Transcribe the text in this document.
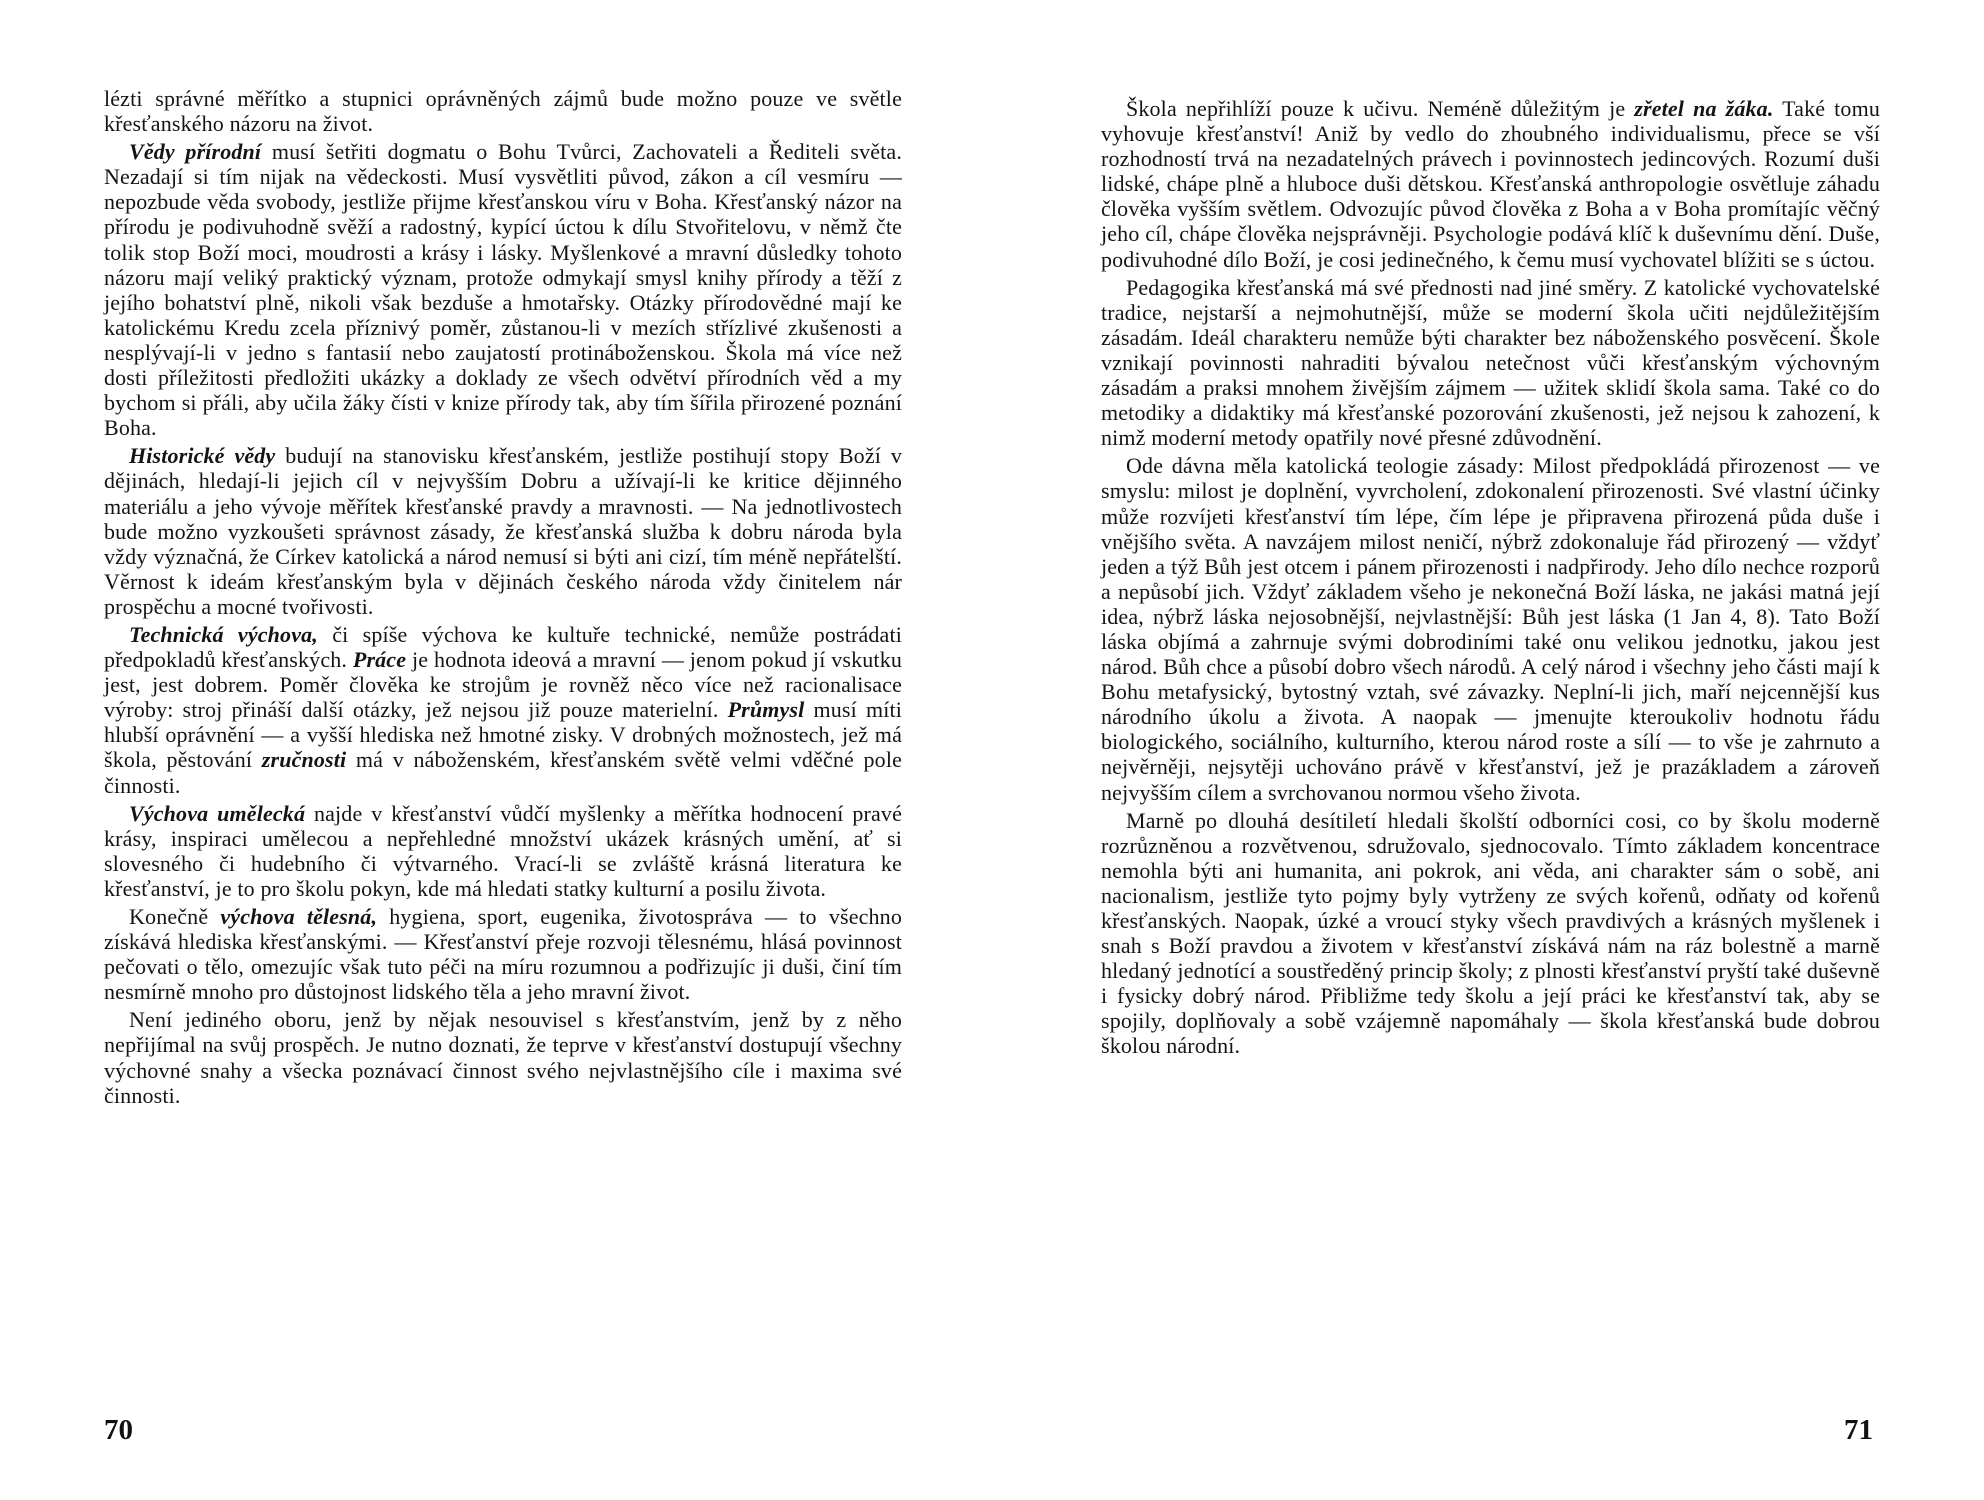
lézti správné měřítko a stupnici oprávněných zájmů bude možno pouze ve světle křesťanského názoru na život.

Vědy přírodní musí šetřiti dogmatu o Bohu Tvůrci, Zachovateli a Řediteli světa. Nezadají si tím nijak na vědeckosti. Musí vysvětliti původ, zákon a cíl vesmíru — nepozbude věda svobody, jestliže přijme křesťanskou víru v Boha. Křesťanský názor na přírodu je podivuhodně svěží a radostný, kypící úctou k dílu Stvořitelovu, v němž čte tolik stop Boží moci, moudrosti a krásy i lásky. Myšlenkové a mravní důsledky tohoto názoru mají veliký praktický význam, protože odmykají smysl knihy přírody a těží z jejího bohatství plně, nikoli však bezduše a hmotařsky. Otázky přírodovědné mají ke katolickému Kredu zcela příznivý poměr, zůstanou-li v mezích střízlivé zkušenosti a nesplývají-li v jedno s fantasií nebo zaujatostí protináboženskou. Škola má více než dosti příležitosti předložiti ukázky a doklady ze všech odvětví přírodních věd a my bychom si přáli, aby učila žáky čísti v knize přírody tak, aby tím šířila přirozené poznání Boha.

Historické vědy budují na stanovisku křesťanském, jestliže postihují stopy Boží v dějinách, hledají-li jejich cíl v nejvyšším Dobru a užívají-li ke kritice dějinného materiálu a jeho vývoje měřítek křesťanské pravdy a mravnosti. — Na jednotlivostech bude možno vyzkoušeti správnost zásady, že křesťanská služba k dobru národa byla vždy význačná, že Církev katolická a národ nemusí si býti ani cizí, tím méně nepřátelští. Věrnost k ideám křesťanským byla v dějinách českého národa vždy činitelem nár prospěchu a mocné tvořivosti.

Technická výchova, či spíše výchova ke kultuře technické, nemůže postrádati předpokladů křesťanských. Práce je hodnota ideová a mravní — jenom pokud jí vskutku jest, jest dobrem. Poměr člověka ke strojům je rovněž něco více než racionalisace výroby: stroj přináší další otázky, jež nejsou již pouze materielní. Průmysl musí míti hlubší oprávnění — a vyšší hlediska než hmotné zisky. V drobných možnostech, jež má škola, pěstování zručnosti má v náboženském, křesťanském světě velmi vděčné pole činnosti.

Výchova umělecká najde v křesťanství vůdčí myšlenky a měřítka hodnocení pravé krásy, inspiraci umělecou a nepřehledné množství ukázek krásných umění, ať si slovesného či hudebního či výtvarného. Vrací-li se zvláště krásná literatura ke křesťanství, je to pro školu pokyn, kde má hledati statky kulturní a posilu života.

Konečně výchova tělesná, hygiena, sport, eugenika, životospráva — to všechno získává hlediska křesťanskými. — Křesťanství přeje rozvoji tělesnému, hlásá povinnost pečovati o tělo, omezujíc však tuto péči na míru rozumnou a podřizujíc ji duši, činí tím nesmírně mnoho pro důstojnost lidského těla a jeho mravní život.

Není jediného oboru, jenž by nějak nesouvisel s křesťanstvím, jenž by z něho nepřijímal na svůj prospěch. Je nutno doznati, že teprve v křesťanství dostupují všechny výchovné snahy a všecka poznávací činnost svého nejvlastnějšího cíle i maxima své činnosti.

70

Škola nepřihlíží pouze k učivu. Neméně důležitým je zřetel na žáka. Také tomu vyhovuje křesťanství! Aniž by vedlo do zhoubného individualismu, přece se vší rozhodností trvá na nezadatelných právech i povinnostech jedincových. Rozumí duši lidské, chápe plně a hluboce duši dětskou. Křesťanská anthropologie osvětluje záhadu člověka vyšším světlem. Odvozujíc původ člověka z Boha a v Boha promítajíc věčný jeho cíl, chápe člověka nejsprávněji. Psychologie podává klíč k duševnímu dění. Duše, podivuhodné dílo Boží, je cosi jedinečného, k čemu musí vychovatel blížiti se s úctou.

Pedagogika křesťanská má své přednosti nad jiné směry. Z katolické vychovatelské tradice, nejstarší a nejmohutnější, může se moderní škola učiti nejdůležitějším zásadám. Ideál charakteru nemůže býti charakter bez náboženského posvěcení. Škole vznikají povinnosti nahraditi bývalou netečnost vůči křesťanským výchovným zásadám a praksi mnohem živějším zájmem — užitek sklidí škola sama. Také co do metodiky a didaktiky má křesťanské pozorování zkušenosti, jež nejsou k zahození, k nimž moderní metody opatřily nové přesné zdůvodnění.

Ode dávna měla katolická teologie zásady: Milost předpokládá přirozenost — ve smyslu: milost je doplnění, vyvrcholení, zdokonalení přirozenosti. Své vlastní účinky může rozvíjeti křesťanství tím lépe, čím lépe je připravena přirozená půda duše i vnějšího světa. A navzájem milost neničí, nýbrž zdokonaluje řád přirozený — vždyť jeden a týž Bůh jest otcem i pánem přirozenosti i nadpřirody. Jeho dílo nechce rozporů a nepůsobí jich. Vždyť základem všeho je nekonečná Boží láska, ne jakási matná její idea, nýbrž láska nejosobnější, nejvlastnější: Bůh jest láska (1 Jan 4, 8). Tato Boží láska objímá a zahrnuje svými dobrodiními také onu velikou jednotku, jakou jest národ. Bůh chce a působí dobro všech národů. A celý národ i všechny jeho části mají k Bohu metafysický, bytostný vztah, své závazky. Neplní-li jich, maří nejcennější kus národního úkolu a života. A naopak — jmenujte kteroukoliv hodnotu řádu biologického, sociálního, kulturního, kterou národ roste a sílí — to vše je zahrnuto a nejvěrněji, nejsytěji uchováno právě v křesťanství, jež je prazákladem a zároveň nejvyšším cílem a svrchovanou normou všeho života.

Marně po dlouhá desítiletí hledali školští odborníci cosi, co by školu moderně rozrůzněnou a rozvětvenou, sdružovalo, sjednocovalo. Tímto základem koncentrace nemohla býti ani humanita, ani pokrok, ani věda, ani charakter sám o sobě, ani nacionalism, jestliže tyto pojmy byly vytrženy ze svých kořenů, odňaty od kořenů křesťanských. Naopak, úzké a vroucí styky všech pravdivých a krásných myšlenek i snah s Boží pravdou a životem v křesťanství získává nám na ráz bolestně a marně hledaný jednotící a soustředěný princip školy; z plnosti křesťanství pryští také duševně i fysicky dobrý národ. Přibližme tedy školu a její práci ke křesťanství tak, aby se spojily, doplňovaly a sobě vzájemně napomáhaly — škola křesťanská bude dobrou školou národní.

71
